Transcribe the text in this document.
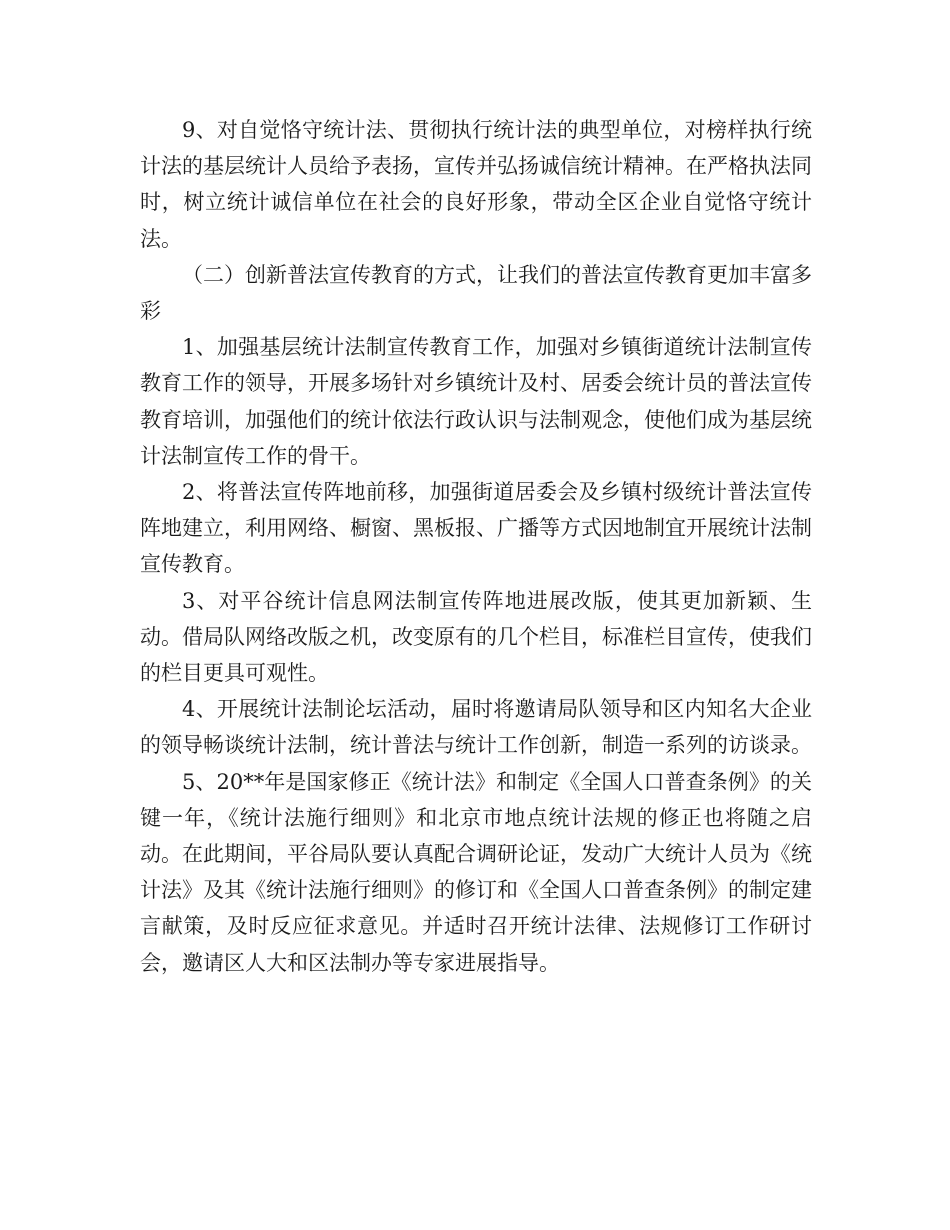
9、对自觉恪守统计法、贯彻执行统计法的典型单位，对榜样执行统计法的基层统计人员给予表扬，宣传并弘扬诚信统计精神。在严格执法同时，树立统计诚信单位在社会的良好形象，带动全区企业自觉恪守统计法。

（二）创新普法宣传教育的方式，让我们的普法宣传教育更加丰富多彩

1、加强基层统计法制宣传教育工作，加强对乡镇街道统计法制宣传教育工作的领导，开展多场针对乡镇统计及村、居委会统计员的普法宣传教育培训，加强他们的统计依法行政认识与法制观念，使他们成为基层统计法制宣传工作的骨干。

2、将普法宣传阵地前移，加强街道居委会及乡镇村级统计普法宣传阵地建立，利用网络、橱窗、黑板报、广播等方式因地制宜开展统计法制宣传教育。

3、对平谷统计信息网法制宣传阵地进展改版，使其更加新颖、生动。借局队网络改版之机，改变原有的几个栏目，标准栏目宣传，使我们的栏目更具可观性。

4、开展统计法制论坛活动，届时将邀请局队领导和区内知名大企业的领导畅谈统计法制，统计普法与统计工作创新，制造一系列的访谈录。

5、20**年是国家修正《统计法》和制定《全国人口普查条例》的关键一年，《统计法施行细则》和北京市地点统计法规的修正也将随之启动。在此期间，平谷局队要认真配合调研论证，发动广大统计人员为《统计法》及其《统计法施行细则》的修订和《全国人口普查条例》的制定建言献策，及时反应征求意见。并适时召开统计法律、法规修订工作研讨会，邀请区人大和区法制办等专家进展指导。
